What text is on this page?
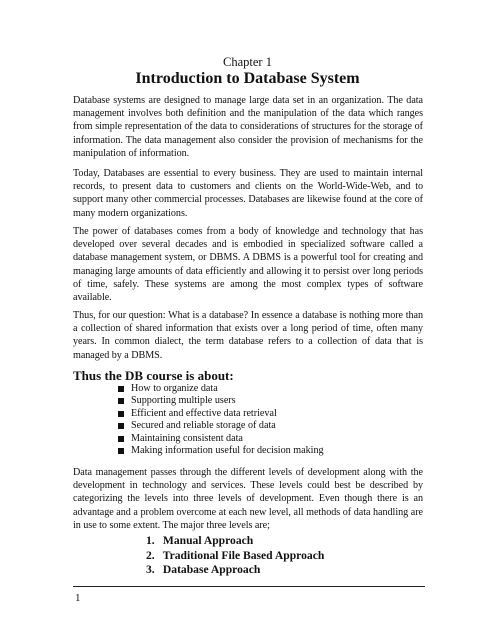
Chapter 1
Introduction to Database System

Database systems are designed to manage large data set in an organization. The data management involves both definition and the manipulation of the data which ranges from simple representation of the data to considerations of structures for the storage of information. The data management also consider the provision of mechanisms for the manipulation of information.

Today, Databases are essential to every business. They are used to maintain internal records, to present data to customers and clients on the World-Wide-Web, and to support many other commercial processes. Databases are likewise found at the core of many modern organizations.

The power of databases comes from a body of knowledge and technology that has developed over several decades and is embodied in specialized software called a database management system, or DBMS. A DBMS is a powerful tool for creating and managing large amounts of data efficiently and allowing it to persist over long periods of time, safely. These systems are among the most complex types of software available.

Thus, for our question: What is a database? In essence a database is nothing more than a collection of shared information that exists over a long period of time, often many years. In common dialect, the term database refers to a collection of data that is managed by a DBMS.

Thus the DB course is about:
How to organize data
Supporting multiple users
Efficient and effective data retrieval
Secured and reliable storage of data
Maintaining consistent data
Making information useful for decision making

Data management passes through the different levels of development along with the development in technology and services. These levels could best be described by categorizing the levels into three levels of development. Even though there is an advantage and a problem overcome at each new level, all methods of data handling are in use to some extent. The major three levels are;

1. Manual Approach
2. Traditional File Based Approach
3. Database Approach
1
